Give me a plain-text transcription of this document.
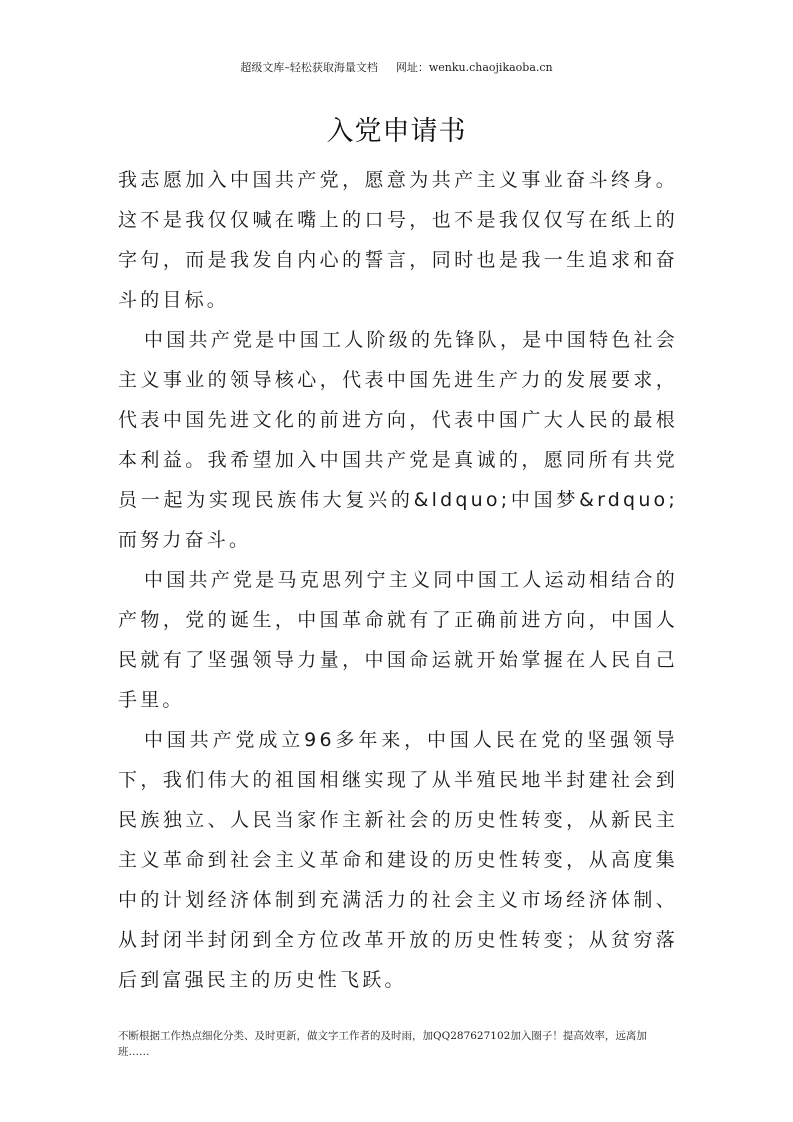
超级文库–轻松获取海量文档 网址：wenku.chaojikaoba.cn
入党申请书

我志愿加入中国共产党，愿意为共产主义事业奋斗终身。这不是我仅仅喊在嘴上的口号，也不是我仅仅写在纸上的字句，而是我发自内心的誓言，同时也是我一生追求和奋斗的目标。

中国共产党是中国工人阶级的先锋队，是中国特色社会主义事业的领导核心，代表中国先进生产力的发展要求，代表中国先进文化的前进方向，代表中国广大人民的最根本利益。我希望加入中国共产党是真诚的，愿同所有共党员一起为实现民族伟大复兴的&ldquo;中国梦&rdquo;而努力奋斗。

中国共产党是马克思列宁主义同中国工人运动相结合的产物，党的诞生，中国革命就有了正确前进方向，中国人民就有了坚强领导力量，中国命运就开始掌握在人民自己手里。

中国共产党成立96多年来，中国人民在党的坚强领导下，我们伟大的祖国相继实现了从半殖民地半封建社会到民族独立、人民当家作主新社会的历史性转变，从新民主主义革命到社会主义革命和建设的历史性转变，从高度集中的计划经济体制到充满活力的社会主义市场经济体制、从封闭半封闭到全方位改革开放的历史性转变；从贫穷落后到富强民主的历史性飞跃。

不断根据工作热点细化分类、及时更新，做文字工作者的及时雨，加QQ287627102加入圈子！提高效率，远离加班……
